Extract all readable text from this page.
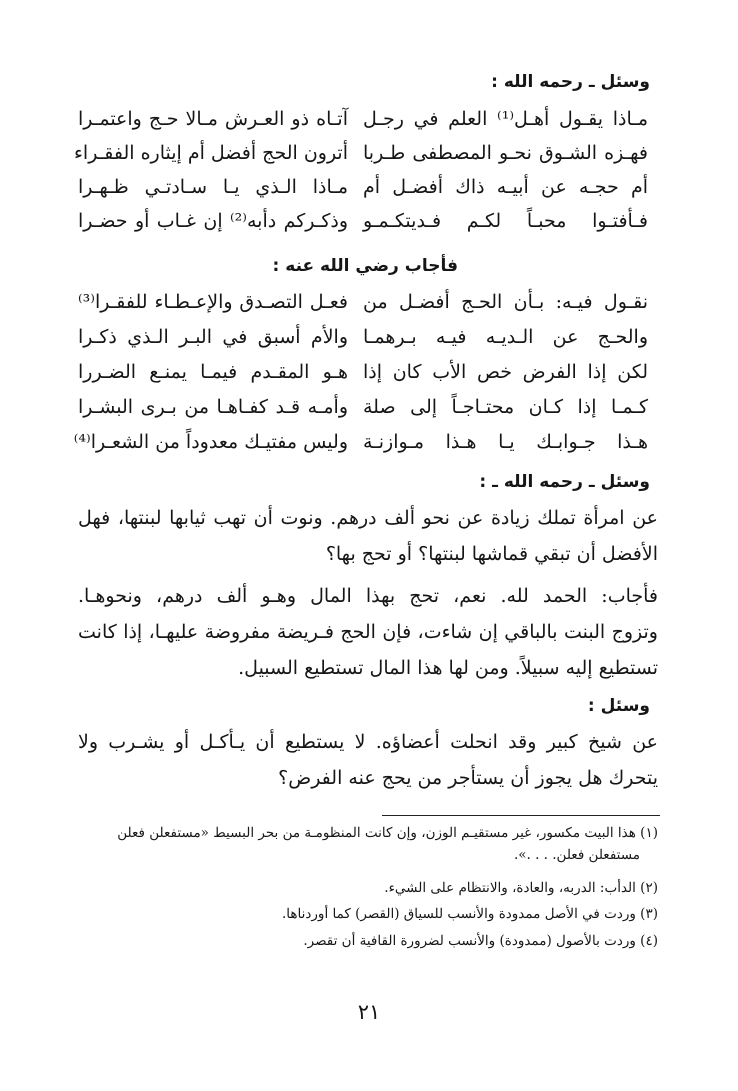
وسئل ـ رحمه الله :
مـاذا يقـول أهـل⁽¹⁾ العلم في رجـل
آتـاه ذو العـرش مـالا حـج واعتمـرا
فهـزه الشـوق نحـو المصطفى طـربا
أترون الحج أفضل أم إيثاره الفقـراء
أم حجـه عن أبيـه ذاك أفضـل أم
مـاذا الـذي يـا سـادتـي ظـهـرا
فـأفتـوا محبـاً لكـم فـديتكـمـو
وذكـركم دأبه⁽²⁾ إن غـاب أو حضـرا
فأجاب رضي الله عنه :
نقـول فيـه: بـأن الحـج أفضـل من
فعـل التصـدق والإعـطـاء للفقـرا⁽³⁾
والحـج عن الـديـه فيـه بـرهمـا
والأم أسبق في البـر الـذي ذكـرا
لكن إذا الفرض خص الأب كان إذا
هـو المقـدم فيمـا يمنـع الضـررا
كـمـا إذا كـان محتـاجـاً إلى صلة
وأمـه قـد كفـاهـا من بـرى البشـرا
هـذا جـوابـك يـا هـذا مـوازنـة
وليس مفتيـك معدوداً من الشعـرا⁽⁴⁾
وسئل ـ رحمه الله ـ :
عن امرأة تملك زيادة عن نحو ألف درهم. ونوت أن تهب ثيابها لبنتها، فهل
الأفضل أن تبقي قماشها لبنتها؟ أو تحج بها؟
فأجاب: الحمد لله. نعم، تحج بهذا المال وهـو ألف درهم، ونحوهـا.
وتزوج البنت بالباقي إن شاءت، فإن الحج فـريضة مفروضة عليهـا، إذا كانت
تستطيع إليه سبيلاً. ومن لها هذا المال تستطيع السبيل.
وسئل :
عن شيخ كبير وقد انحلت أعضاؤه. لا يستطيع أن يـأكـل أو يشـرب ولا
يتحرك هل يجوز أن يستأجر من يحج عنه الفرض؟
(١) هذا البيت مكسور، غير مستقيـم الوزن، وإن كانت المنظومـة من بحر البسيط «مستفعلن فعلن
مستفعلن فعلن. . . .».
(٢) الدأب: الدربه، والعادة، والانتظام على الشيء.
(٣) وردت في الأصل ممدودة والأنسب للسياق (القصر) كما أوردناها.
(٤) وردت بالأصول (ممدودة) والأنسب لضرورة القافية أن تقصر.
٢١
